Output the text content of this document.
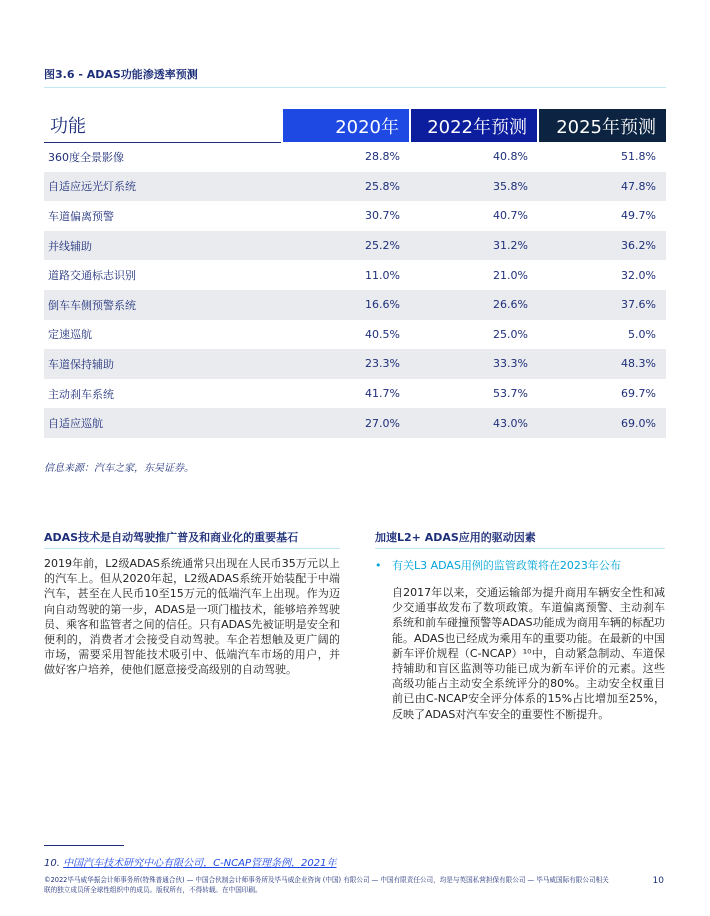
图3.6 - ADAS功能渗透率预测
功能	2020年	2022年预测	2025年预测
360度全景影像	28.8%	40.8%	51.8%
自适应远光灯系统	25.8%	35.8%	47.8%
车道偏离预警	30.7%	40.7%	49.7%
并线辅助	25.2%	31.2%	36.2%
道路交通标志识别	11.0%	21.0%	32.0%
倒车车侧预警系统	16.6%	26.6%	37.6%
定速巡航	40.5%	25.0%	5.0%
车道保持辅助	23.3%	33.3%	48.3%
主动刹车系统	41.7%	53.7%	69.7%
自适应巡航	27.0%	43.0%	69.0%
信息来源：汽车之家，东吴证券。
ADAS技术是自动驾驶推广普及和商业化的重要基石
2019年前，L2级ADAS系统通常只出现在人民币35万元以上的汽车上。但从2020年起，L2级ADAS系统开始装配于中端汽车，甚至在人民币10至15万元的低端汽车上出现。作为迈向自动驾驶的第一步，ADAS是一项门槛技术，能够培养驾驶员、乘客和监管者之间的信任。只有ADAS先被证明是安全和便利的，消费者才会接受自动驾驶。车企若想触及更广阔的市场，需要采用智能技术吸引中、低端汽车市场的用户，并做好客户培养，使他们愿意接受高级别的自动驾驶。
加速L2+ ADAS应用的驱动因素
• 有关L3 ADAS用例的监管政策将在2023年公布
自2017年以来，交通运输部为提升商用车辆安全性和减少交通事故发布了数项政策。车道偏离预警、主动刹车系统和前车碰撞预警等ADAS功能成为商用车辆的标配功能。ADAS也已经成为乘用车的重要功能。在最新的中国新车评价规程（C-NCAP）¹⁰中，自动紧急制动、车道保持辅助和盲区监测等功能已成为新车评价的元素。这些高级功能占主动安全系统评分的80%。主动安全权重目前已由C-NCAP安全评分体系的15%占比增加至25%，反映了ADAS对汽车安全的重要性不断提升。
10. 中国汽车技术研究中心有限公司，C-NCAP管理条例，2021年
©2022毕马威华振会计师事务所(特殊普通合伙) — 中国合伙制会计师事务所及毕马威企业咨询 (中国) 有限公司 — 中国有限责任公司，均是与英国私营担保有限公司 — 毕马威国际有限公司相关联的独立成员所全球性组织中的成员。版权所有，不得转载。在中国印刷。
10
